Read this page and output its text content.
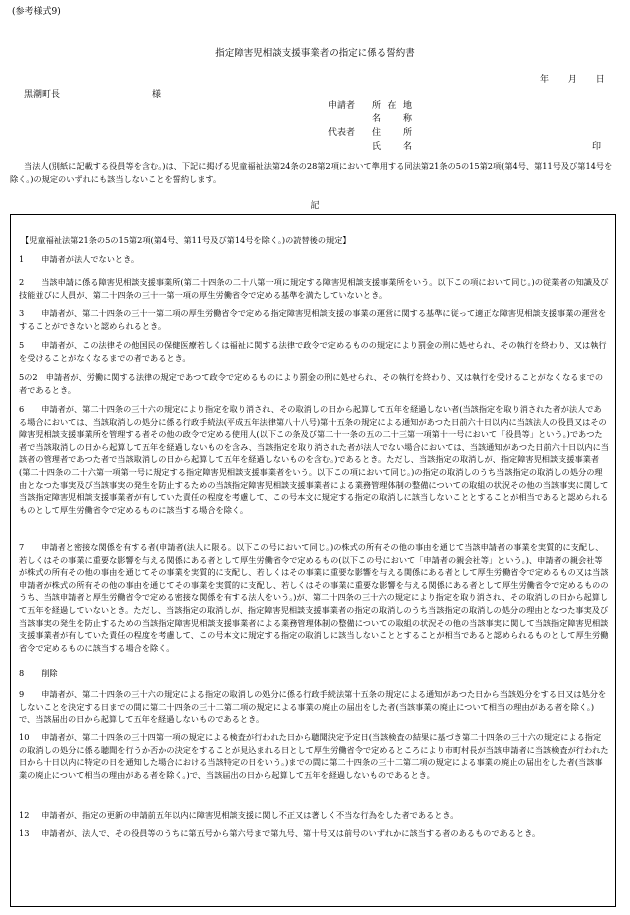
(参考様式9)
指定障害児相談支援事業者の指定に係る誓約書
年 月 日
黒潮町長	様
申請者 所在地
名　称
代表者 住　所
氏　名	印
当法人(別紙に記載する役員等を含む。)は、下記に掲げる児童福祉法第24条の28第2項において準用する同法第21条の5の15第2項(第4号、第11号及び第14号を除く。)の規定のいずれにも該当しないことを誓約します。
記
【児童福祉法第21条の5の15第2項(第4号、第11号及び第14号を除く。)の読替後の規定】
1　申請者が法人でないとき。
2　当該申請に係る障害児相談支援事業所(第二十四条の二十八第一項に規定する障害児相談支援事業所をいう。以下この項において同じ。)の従業者の知識及び技能並びに人員が、第二十四条の三十一第一項の厚生労働省令で定める基準を満たしていないとき。
3　申請者が、第二十四条の三十一第二項の厚生労働省令で定める指定障害児相談支援の事業の運営に関する基準に従って適正な障害児相談支援事業の運営をすることができないと認められるとき。
5　申請者が、この法律その他国民の保健医療若しくは福祉に関する法律で政令で定めるものの規定により罰金の刑に処せられ、その執行を終わり、又は執行を受けることがなくなるまでの者であるとき。
5の2　申請者が、労働に関する法律の規定であつて政令で定めるものにより罰金の刑に処せられ、その執行を終わり、又は執行を受けることがなくなるまでの者であるとき。
6　申請者が、第二十四条の三十六の規定により指定を取り消され、その取消しの日から起算して五年を経過しない者(当該指定を取り消された者が法人である場合においては、当該取消しの処分に係る行政手続法(平成五年法律第八十八号)第十五条の規定による通知があつた日前六十日以内に当該法人の役員又はその障害児相談支援事業所を管理する者その他の政令で定める使用人(以下この条及び第二十一条の五の二十三第一項第十一号において「役員等」という。)であつた者で当該取消しの日から起算して五年を経過しないものを含み、当該指定を取り消された者が法人でない場合においては、当該通知があつた日前六十日以内に当該者の管理者であつた者で当該取消しの日から起算して五年を経過しないものを含む。)であるとき。ただし、当該指定の取消しが、指定障害児相談支援事業者(第二十四条の二十六第一項第一号に規定する指定障害児相談支援事業者をいう。以下この項において同じ。)の指定の取消しのうち当該指定の取消しの処分の理由となつた事実及び当該事実の発生を防止するための当該指定障害児相談支援事業者による業務管理体制の整備についての取組の状況その他の当該事実に関して当該指定障害児相談支援事業者が有していた責任の程度を考慮して、この号本文に規定する指定の取消しに該当しないこととすることが相当であると認められるものとして厚生労働省令で定めるものに該当する場合を除く。
7　申請者と密接な関係を有する者(申請者(法人に限る。以下この号において同じ。)の株式の所有その他の事由を通じて当該申請者の事業を実質的に支配し、若しくはその事業に重要な影響を与える関係にある者として厚生労働省令で定めるもの(以下この号において「申請者の親会社等」という。)、申請者の親会社等が株式の所有その他の事由を通じてその事業を実質的に支配し、若しくはその事業に重要な影響を与える関係にある者として厚生労働省令で定めるもの又は当該申請者が株式の所有その他の事由を通じてその事業を実質的に支配し、若しくはその事業に重要な影響を与える関係にある者として厚生労働省令で定めるもののうち、当該申請者と厚生労働省令で定める密接な関係を有する法人をいう。)が、第二十四条の三十六の規定により指定を取り消され、その取消しの日から起算して五年を経過していないとき。ただし、当該指定の取消しが、指定障害児相談支援事業者の指定の取消しのうち当該指定の取消しの処分の理由となつた事実及び当該事実の発生を防止するための当該指定障害児相談支援事業者による業務管理体制の整備についての取組の状況その他の当該事実に関して当該指定障害児相談支援事業者が有していた責任の程度を考慮して、この号本文に規定する指定の取消しに該当しないこととすることが相当であると認められるものとして厚生労働省令で定めるものに該当する場合を除く。
8　削除
9　申請者が、第二十四条の三十六の規定による指定の取消しの処分に係る行政手続法第十五条の規定による通知があつた日から当該処分をする日又は処分をしないことを決定する日までの間に第二十四条の三十二第二項の規定による事業の廃止の届出をした者(当該事業の廃止について相当の理由がある者を除く。)で、当該届出の日から起算して五年を経過しないものであるとき。
10　申請者が、第二十四条の三十四第一項の規定による検査が行われた日から聴聞決定予定日(当該検査の結果に基づき第二十四条の三十六の規定による指定の取消しの処分に係る聴聞を行うか否かの決定をすることが見込まれる日として厚生労働省令で定めるところにより市町村長が当該申請者に当該検査が行われた日から十日以内に特定の日を通知した場合における当該特定の日をいう。)までの間に第二十四条の三十二第二項の規定による事業の廃止の届出をした者(当該事業の廃止について相当の理由がある者を除く。)で、当該届出の日から起算して五年を経過しないものであるとき。
12　申請者が、指定の更新の申請前五年以内に障害児相談支援に関し不正又は著しく不当な行為をした者であるとき。
13　申請者が、法人で、その役員等のうちに第五号から第六号まで第九号、第十号又は前号のいずれかに該当する者のあるものであるとき。
